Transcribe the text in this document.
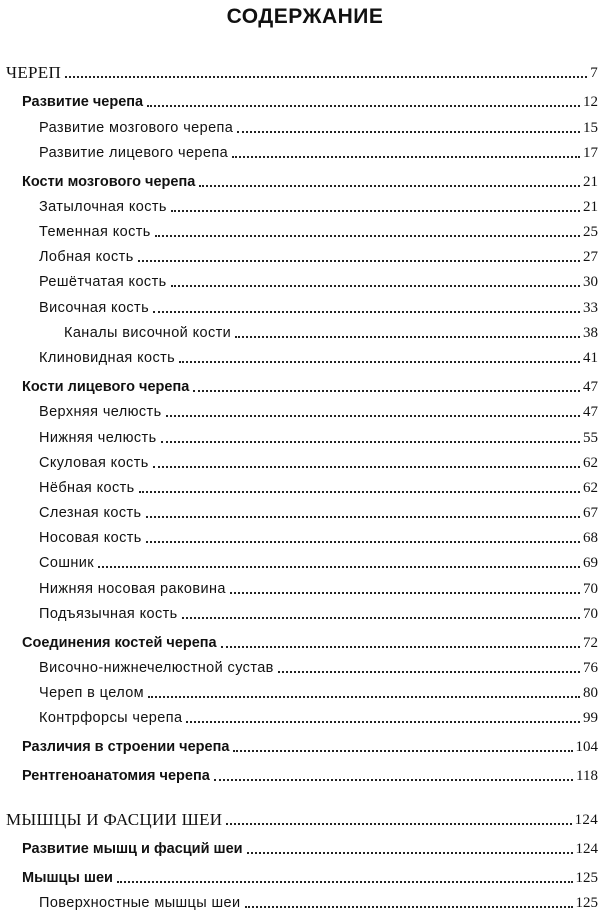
СОДЕРЖАНИЕ
ЧЕРЕП	7
Развитие черепа	12
Развитие мозгового черепа	15
Развитие лицевого черепа	17
Кости мозгового черепа	21
Затылочная кость	21
Теменная кость	25
Лобная кость	27
Решётчатая кость	30
Височная кость	33
Каналы височной кости	38
Клиновидная кость	41
Кости лицевого черепа	47
Верхняя челюсть	47
Нижняя челюсть	55
Скуловая кость	62
Нёбная кость	62
Слезная кость	67
Носовая кость	68
Сошник	69
Нижняя носовая раковина	70
Подъязычная кость	70
Соединения костей черепа	72
Височно-нижнечелюстной сустав	76
Череп в целом	80
Контрфорсы черепа	99
Различия в строении черепа	104
Рентгеноанатомия черепа	118
МЫШЦЫ И ФАСЦИИ ШЕИ	124
Развитие мышц и фасций шеи	124
Мышцы шеи	125
Поверхностные мышцы шеи	125
